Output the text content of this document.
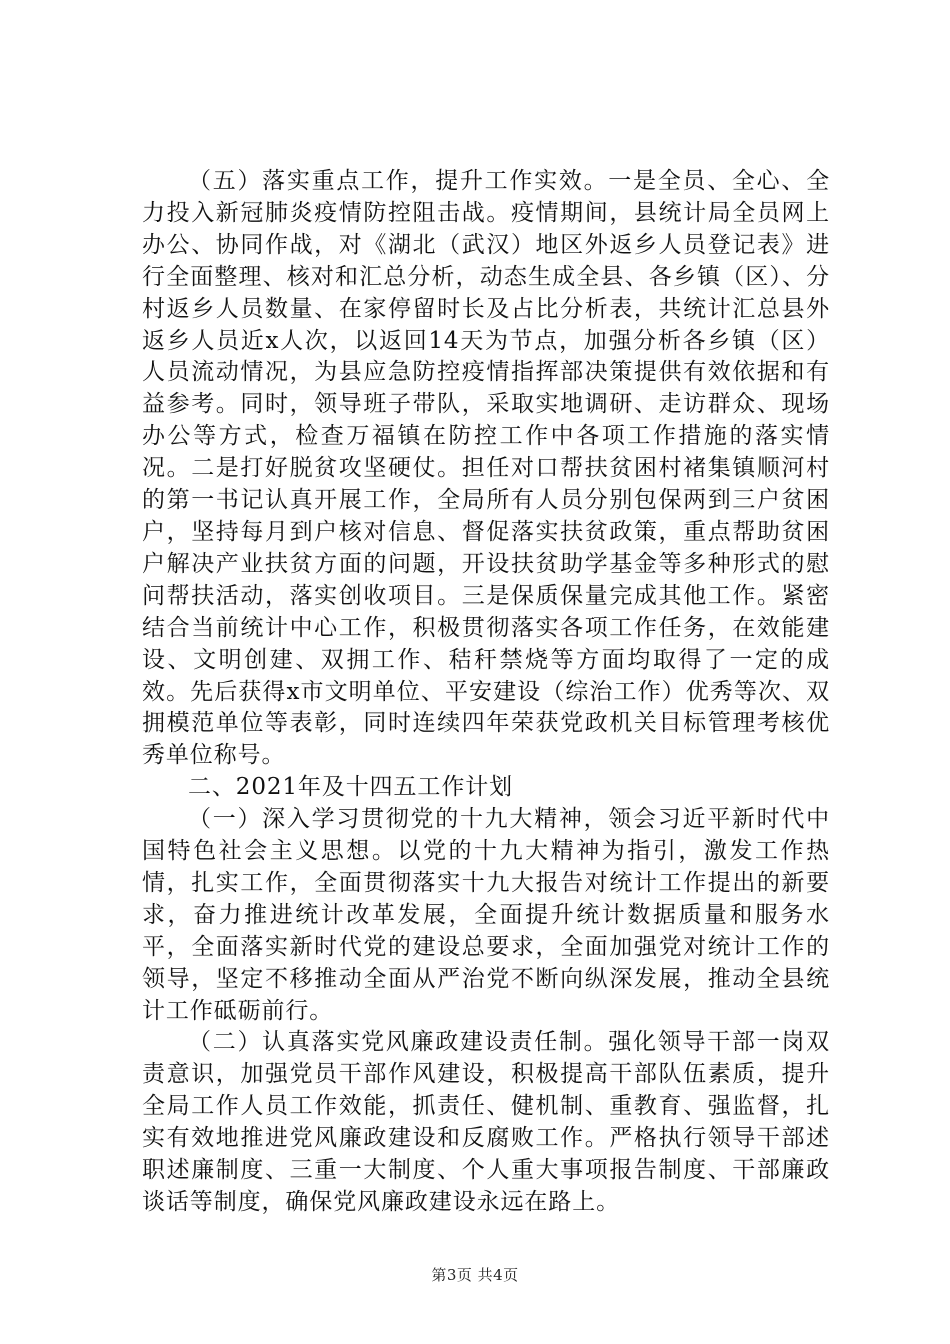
（五）落实重点工作，提升工作实效。一是全员、全心、全力投入新冠肺炎疫情防控阻击战。疫情期间，县统计局全员网上办公、协同作战，对《湖北（武汉）地区外返乡人员登记表》进行全面整理、核对和汇总分析，动态生成全县、各乡镇（区）、分村返乡人员数量、在家停留时长及占比分析表，共统计汇总县外返乡人员近x人次，以返回14天为节点，加强分析各乡镇（区）人员流动情况，为县应急防控疫情指挥部决策提供有效依据和有益参考。同时，领导班子带队，采取实地调研、走访群众、现场办公等方式，检查万福镇在防控工作中各项工作措施的落实情况。二是打好脱贫攻坚硬仗。担任对口帮扶贫困村褚集镇顺河村的第一书记认真开展工作，全局所有人员分别包保两到三户贫困户，坚持每月到户核对信息、督促落实扶贫政策，重点帮助贫困户解决产业扶贫方面的问题，开设扶贫助学基金等多种形式的慰问帮扶活动，落实创收项目。三是保质保量完成其他工作。紧密结合当前统计中心工作，积极贯彻落实各项工作任务，在效能建设、文明创建、双拥工作、秸秆禁烧等方面均取得了一定的成效。先后获得x市文明单位、平安建设（综治工作）优秀等次、双拥模范单位等表彰，同时连续四年荣获党政机关目标管理考核优秀单位称号。

二、2021年及十四五工作计划

（一）深入学习贯彻党的十九大精神，领会习近平新时代中国特色社会主义思想。以党的十九大精神为指引，激发工作热情，扎实工作，全面贯彻落实十九大报告对统计工作提出的新要求，奋力推进统计改革发展，全面提升统计数据质量和服务水平，全面落实新时代党的建设总要求，全面加强党对统计工作的领导，坚定不移推动全面从严治党不断向纵深发展，推动全县统计工作砥砺前行。

（二）认真落实党风廉政建设责任制。强化领导干部一岗双责意识，加强党员干部作风建设，积极提高干部队伍素质，提升全局工作人员工作效能，抓责任、健机制、重教育、强监督，扎实有效地推进党风廉政建设和反腐败工作。严格执行领导干部述职述廉制度、三重一大制度、个人重大事项报告制度、干部廉政谈话等制度，确保党风廉政建设永远在路上。

第3页 共4页
